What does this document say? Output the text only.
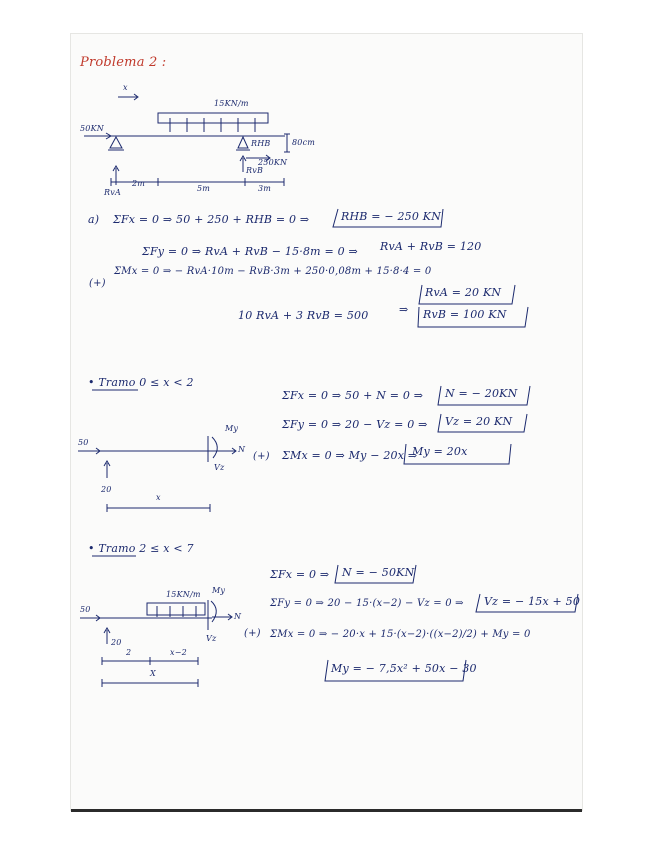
Problema 2 :
x
50KN
15KN/m
RHB	80cm
250KN
RvB
RvA
2m
5m	3m
a) ΣFx = 0 ⇒ 50 + 250 + RHB = 0 ⇒	RHB = − 250 KN
ΣFy = 0 ⇒ RvA + RvB − 15·8m = 0 ⇒ RvA + RvB = 120
(+)
ΣMx = 0 ⇒ − RvA·10m − RvB·3m + 250·0,08m + 15·8·4 = 0
10 RvA + 3 RvB = 500	⇒
RvA = 20 KN
RvB = 100 KN
• Tramo 0 ≤ x < 2
50
20
x
My
N
Vz
ΣFx = 0 ⇒ 50 + N = 0 ⇒ N = − 20KN
ΣFy = 0 ⇒ 20 − Vz = 0 ⇒ Vz = 20 KN
(+) ΣMx = 0 ⇒ My − 20x ⇒
My = 20x
• Tramo 2 ≤ x < 7
15KN/m My
N
Vz
50
20
2	x−2
X
ΣFx = 0 ⇒ N = − 50KN
ΣFy = 0 ⇒ 20 − 15·(x−2) − Vz = 0 ⇒ Vz = − 15x + 50
(+) ΣMx = 0 ⇒ − 20·x + 15·(x−2)·((x−2)/2) + My = 0
My = − 7,5x² + 50x − 30
